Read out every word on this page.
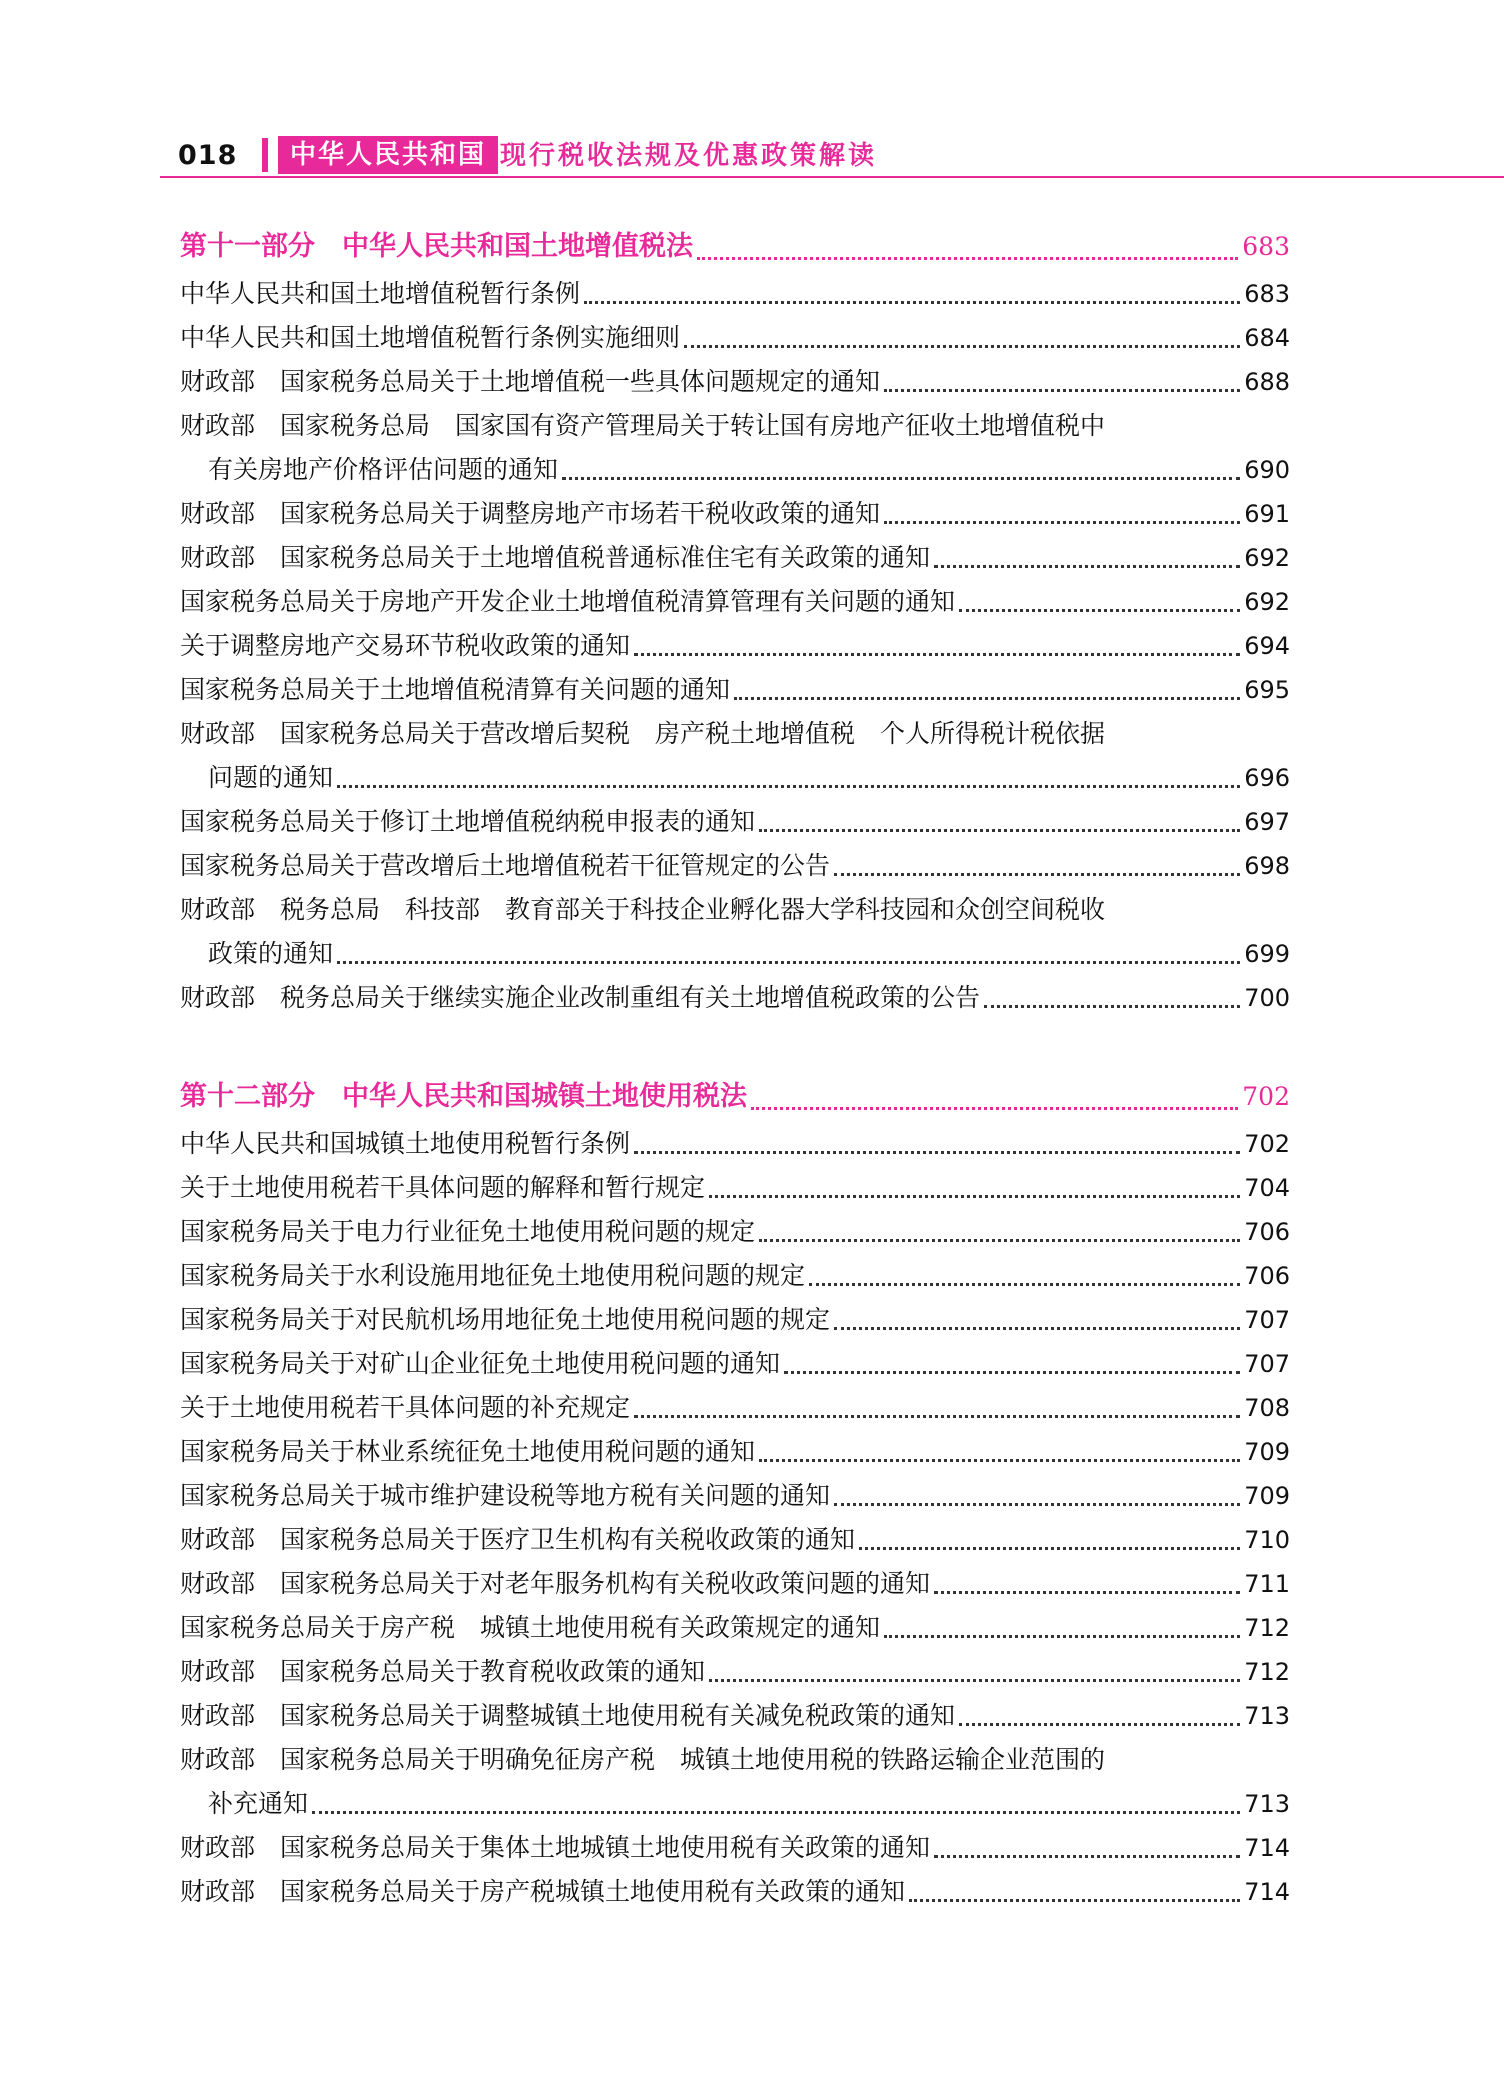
018	中华人民共和国 现行税收法规及优惠政策解读
第十一部分　中华人民共和国土地增值税法	683
中华人民共和国土地增值税暂行条例	683
中华人民共和国土地增值税暂行条例实施细则	684
财政部　国家税务总局关于土地增值税一些具体问题规定的通知	688
财政部　国家税务总局　国家国有资产管理局关于转让国有房地产征收土地增值税中
有关房地产价格评估问题的通知	690
财政部　国家税务总局关于调整房地产市场若干税收政策的通知	691
财政部　国家税务总局关于土地增值税普通标准住宅有关政策的通知	692
国家税务总局关于房地产开发企业土地增值税清算管理有关问题的通知	692
关于调整房地产交易环节税收政策的通知	694
国家税务总局关于土地增值税清算有关问题的通知	695
财政部　国家税务总局关于营改增后契税　房产税土地增值税　个人所得税计税依据
问题的通知	696
国家税务总局关于修订土地增值税纳税申报表的通知	697
国家税务总局关于营改增后土地增值税若干征管规定的公告	698
财政部　税务总局　科技部　教育部关于科技企业孵化器大学科技园和众创空间税收
政策的通知	699
财政部　税务总局关于继续实施企业改制重组有关土地增值税政策的公告	700
第十二部分　中华人民共和国城镇土地使用税法	702
中华人民共和国城镇土地使用税暂行条例	702
关于土地使用税若干具体问题的解释和暂行规定	704
国家税务局关于电力行业征免土地使用税问题的规定	706
国家税务局关于水利设施用地征免土地使用税问题的规定	706
国家税务局关于对民航机场用地征免土地使用税问题的规定	707
国家税务局关于对矿山企业征免土地使用税问题的通知	707
关于土地使用税若干具体问题的补充规定	708
国家税务局关于林业系统征免土地使用税问题的通知	709
国家税务总局关于城市维护建设税等地方税有关问题的通知	709
财政部　国家税务总局关于医疗卫生机构有关税收政策的通知	710
财政部　国家税务总局关于对老年服务机构有关税收政策问题的通知	711
国家税务总局关于房产税　城镇土地使用税有关政策规定的通知	712
财政部　国家税务总局关于教育税收政策的通知	712
财政部　国家税务总局关于调整城镇土地使用税有关减免税政策的通知	713
财政部　国家税务总局关于明确免征房产税　城镇土地使用税的铁路运输企业范围的
补充通知	713
财政部　国家税务总局关于集体土地城镇土地使用税有关政策的通知	714
财政部　国家税务总局关于房产税城镇土地使用税有关政策的通知	714
